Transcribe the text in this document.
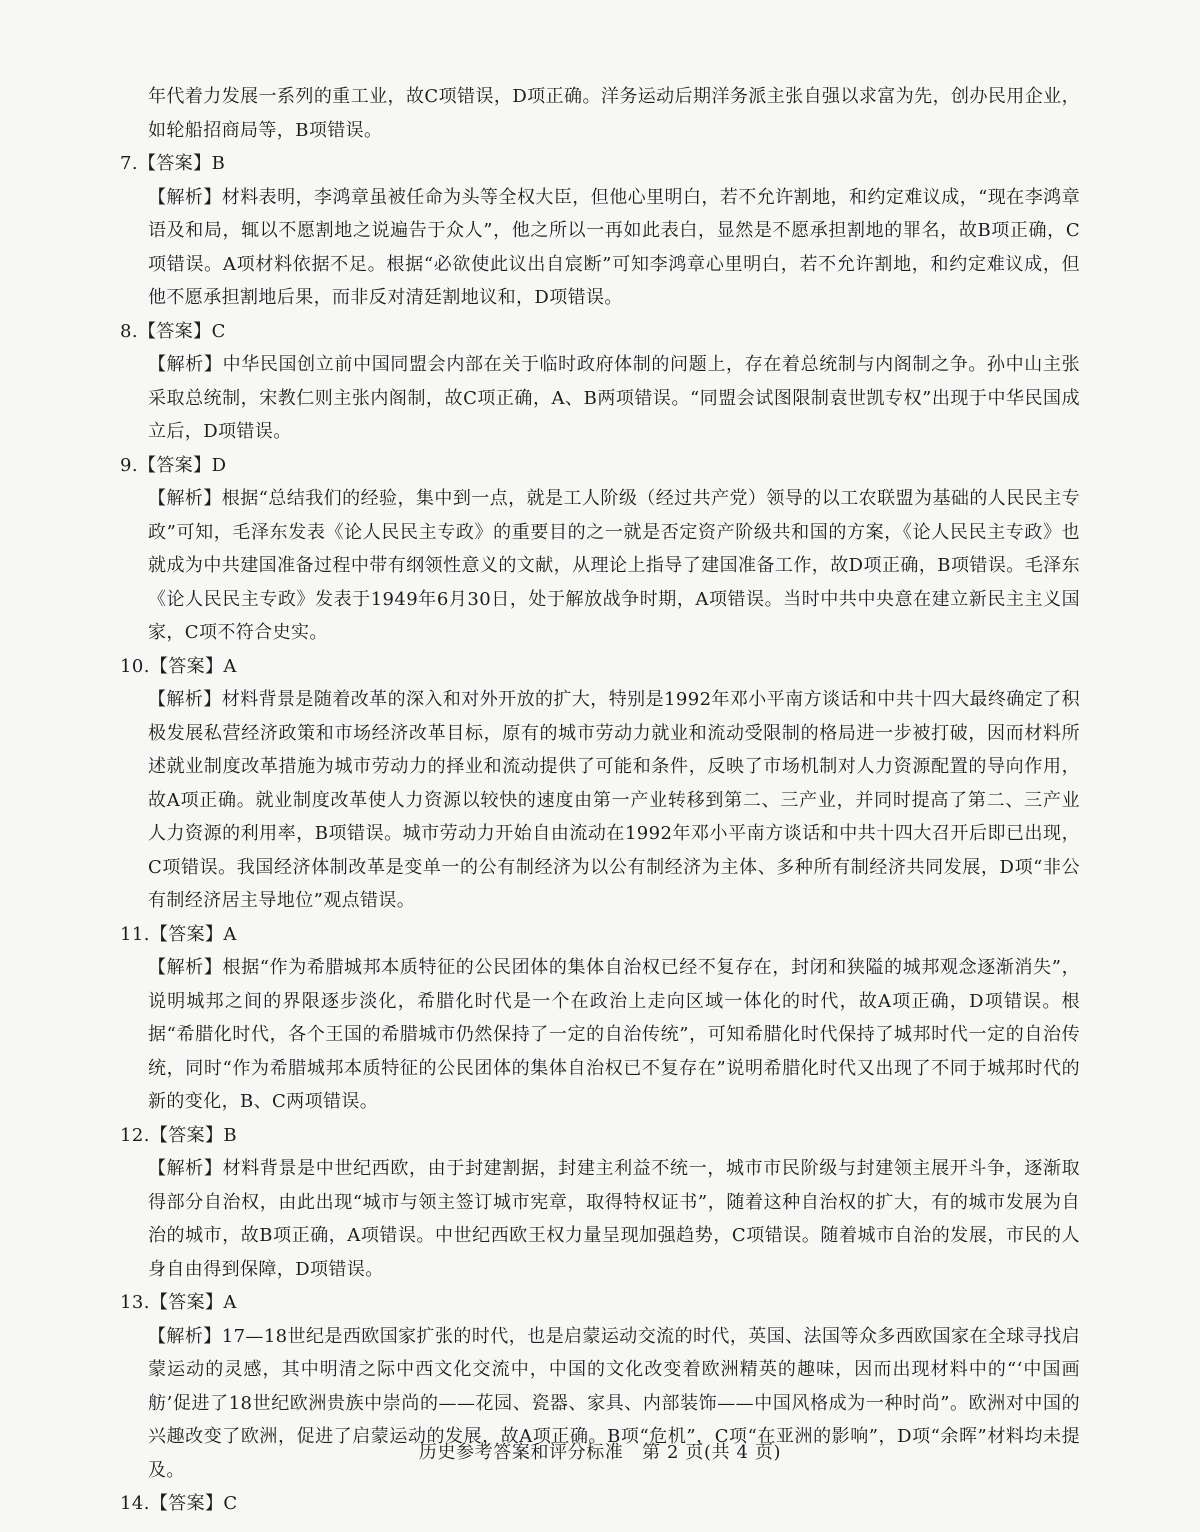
年代着力发展一系列的重工业，故C项错误，D项正确。洋务运动后期洋务派主张自强以求富为先，创办民用企业，如轮船招商局等，B项错误。

7.【答案】B

【解析】材料表明，李鸿章虽被任命为头等全权大臣，但他心里明白，若不允许割地，和约定难议成，“现在李鸿章语及和局，辄以不愿割地之说遍告于众人”，他之所以一再如此表白，显然是不愿承担割地的罪名，故B项正确，C项错误。A项材料依据不足。根据“必欲使此议出自宸断”可知李鸿章心里明白，若不允许割地，和约定难议成，但他不愿承担割地后果，而非反对清廷割地议和，D项错误。

8.【答案】C

【解析】中华民国创立前中国同盟会内部在关于临时政府体制的问题上，存在着总统制与内阁制之争。孙中山主张采取总统制，宋教仁则主张内阁制，故C项正确，A、B两项错误。“同盟会试图限制袁世凯专权”出现于中华民国成立后，D项错误。

9.【答案】D

【解析】根据“总结我们的经验，集中到一点，就是工人阶级（经过共产党）领导的以工农联盟为基础的人民民主专政”可知，毛泽东发表《论人民民主专政》的重要目的之一就是否定资产阶级共和国的方案，《论人民民主专政》也就成为中共建国准备过程中带有纲领性意义的文献，从理论上指导了建国准备工作，故D项正确，B项错误。毛泽东《论人民民主专政》发表于1949年6月30日，处于解放战争时期，A项错误。当时中共中央意在建立新民主主义国家，C项不符合史实。

10.【答案】A

【解析】材料背景是随着改革的深入和对外开放的扩大，特别是1992年邓小平南方谈话和中共十四大最终确定了积极发展私营经济政策和市场经济改革目标，原有的城市劳动力就业和流动受限制的格局进一步被打破，因而材料所述就业制度改革措施为城市劳动力的择业和流动提供了可能和条件，反映了市场机制对人力资源配置的导向作用，故A项正确。就业制度改革使人力资源以较快的速度由第一产业转移到第二、三产业，并同时提高了第二、三产业人力资源的利用率，B项错误。城市劳动力开始自由流动在1992年邓小平南方谈话和中共十四大召开后即已出现，C项错误。我国经济体制改革是变单一的公有制经济为以公有制经济为主体、多种所有制经济共同发展，D项“非公有制经济居主导地位”观点错误。

11.【答案】A

【解析】根据“作为希腊城邦本质特征的公民团体的集体自治权已经不复存在，封闭和狭隘的城邦观念逐渐消失”，说明城邦之间的界限逐步淡化，希腊化时代是一个在政治上走向区域一体化的时代，故A项正确，D项错误。根据“希腊化时代，各个王国的希腊城市仍然保持了一定的自治传统”，可知希腊化时代保持了城邦时代一定的自治传统，同时“作为希腊城邦本质特征的公民团体的集体自治权已不复存在”说明希腊化时代又出现了不同于城邦时代的新的变化，B、C两项错误。

12.【答案】B

【解析】材料背景是中世纪西欧，由于封建割据，封建主利益不统一，城市市民阶级与封建领主展开斗争，逐渐取得部分自治权，由此出现“城市与领主签订城市宪章，取得特权证书”，随着这种自治权的扩大，有的城市发展为自治的城市，故B项正确，A项错误。中世纪西欧王权力量呈现加强趋势，C项错误。随着城市自治的发展，市民的人身自由得到保障，D项错误。

13.【答案】A

【解析】17—18世纪是西欧国家扩张的时代，也是启蒙运动交流的时代，英国、法国等众多西欧国家在全球寻找启蒙运动的灵感，其中明清之际中西文化交流中，中国的文化改变着欧洲精英的趣味，因而出现材料中的“‘中国画舫’促进了18世纪欧洲贵族中崇尚的——花园、瓷器、家具、内部装饰——中国风格成为一种时尚”。欧洲对中国的兴趣改变了欧洲，促进了启蒙运动的发展，故A项正确。B项“危机”，C项“在亚洲的影响”，D项“余晖”材料均未提及。

14.【答案】C

历史参考答案和评分标准　第 2 页(共 4 页)
